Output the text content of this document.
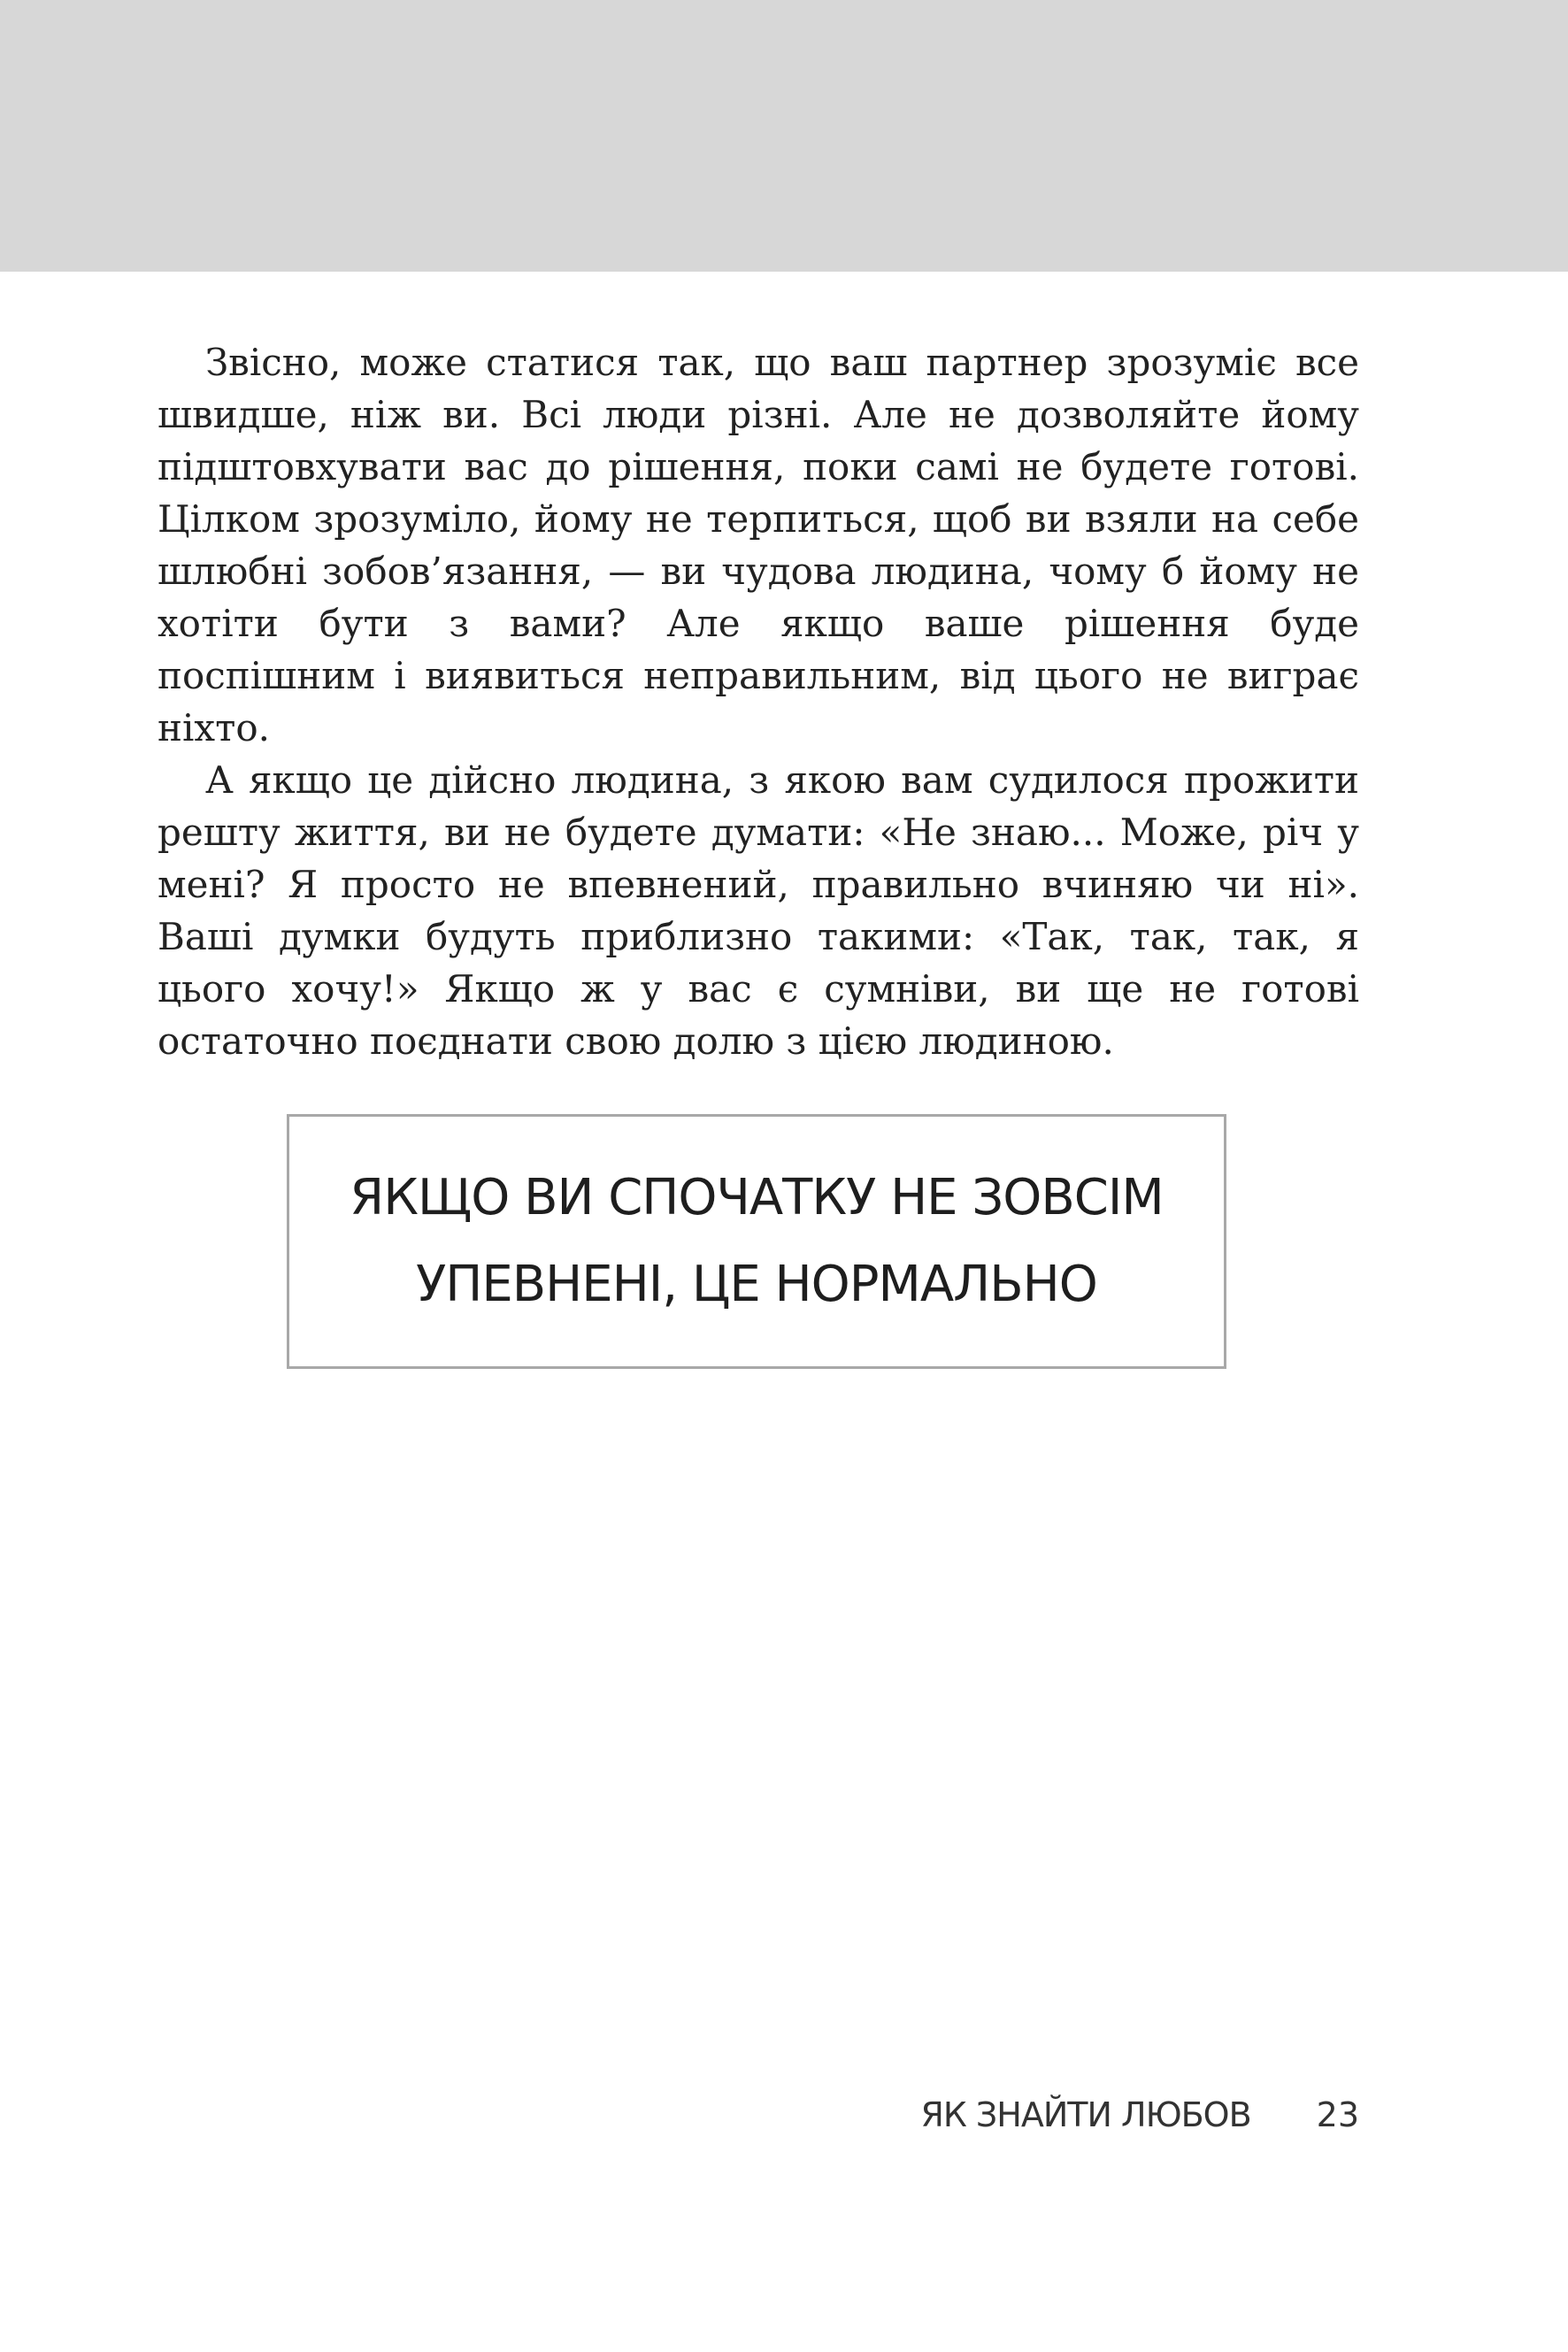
Звісно, може статися так, що ваш партнер зрозуміє все швидше, ніж ви. Всі люди різні. Але не дозволяйте йому підштовхувати вас до рішення, поки самі не будете готові. Цілком зрозуміло, йому не терпиться, щоб ви взяли на себе шлюбні зобов’язання, — ви чудова людина, чому б йому не хотіти бути з вами? Але якщо ваше рішення буде поспішним і виявиться неправильним, від цього не виграє ніхто.

А якщо це дійсно людина, з якою вам судилося прожити решту життя, ви не будете думати: «Не знаю... Може, річ у мені? Я просто не впевнений, правильно вчиняю чи ні». Ваші думки будуть приблизно такими: «Так, так, так, я цього хочу!» Якщо ж у вас є сумніви, ви ще не готові остаточно поєднати свою долю з цією людиною.

ЯКЩО ВИ СПОЧАТКУ НЕ ЗОВСІМ УПЕВНЕНІ, ЦЕ НОРМАЛЬНО
ЯК ЗНАЙТИ ЛЮБОВ 23
